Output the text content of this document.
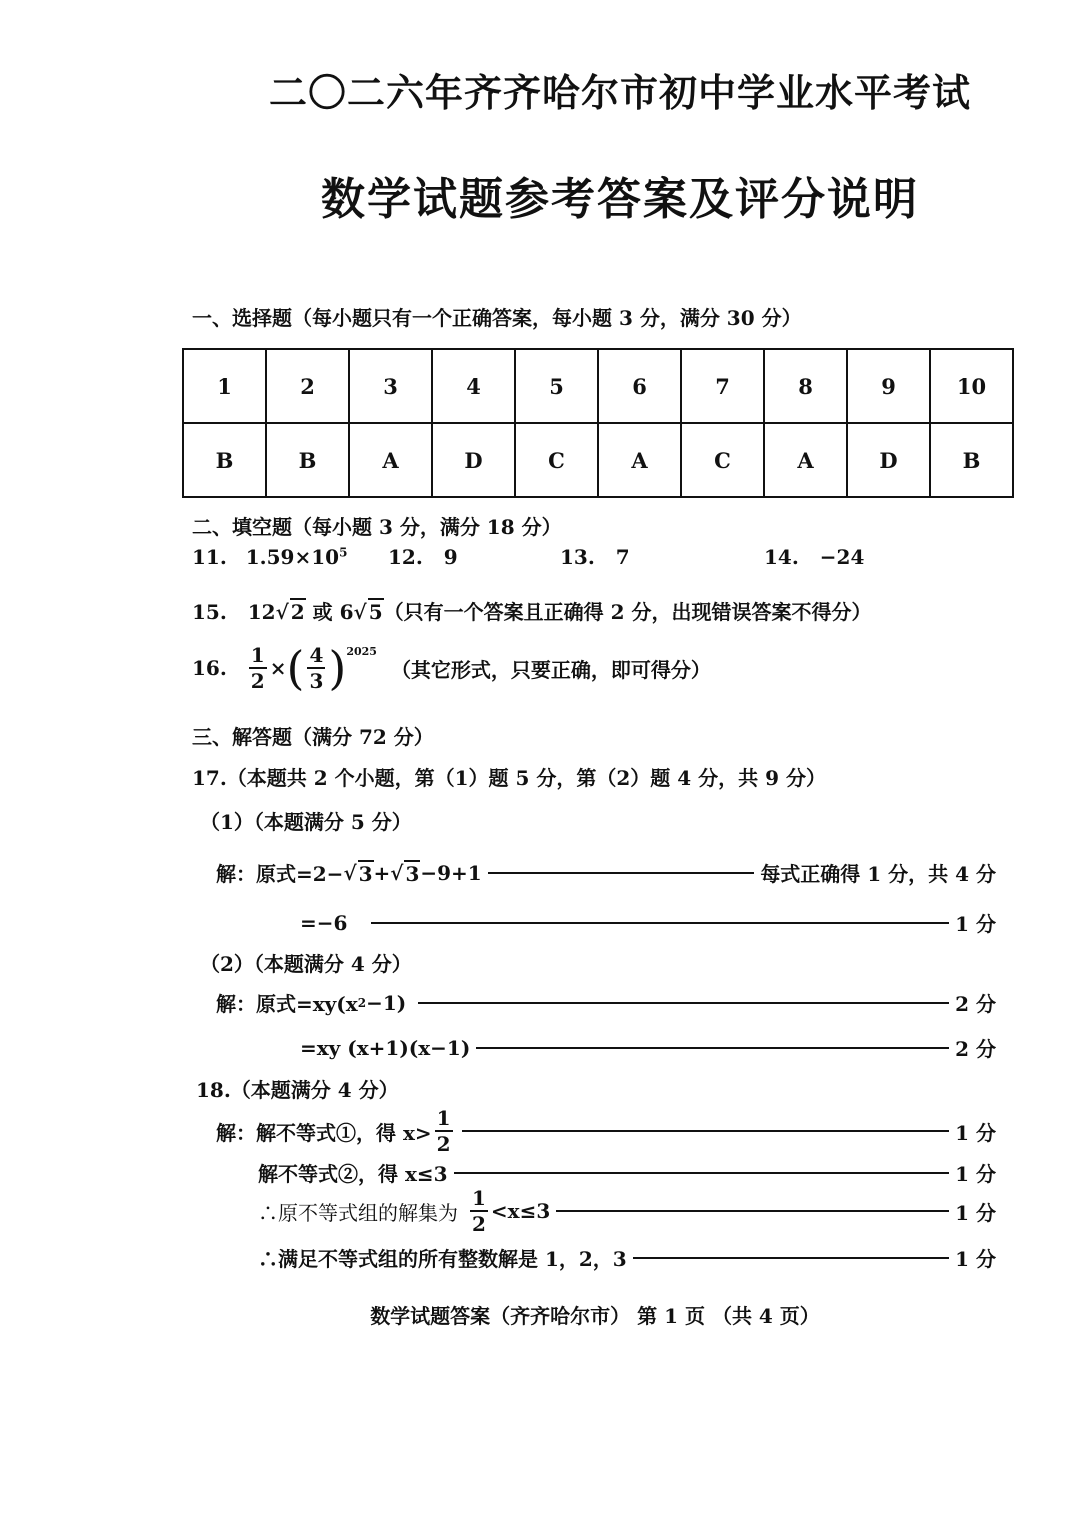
二〇二六年齐齐哈尔市初中学业水平考试
数学试题参考答案及评分说明
一、选择题（每小题只有一个正确答案，每小题 3 分，满分 30 分）
1	2	3	4	5	6	7	8	9	10
B	B	A	D	C	A	C	A	D	B
二、填空题（每小题 3 分，满分 18 分）
11. $1.59\times 10^5$ 12. 9	13. 7	14. −24
15. 12√ 2 或 6√ 5（只有一个答案且正确得 2 分，出现错误答案不得分）
16. $\frac{1}{2}$ × ( $\frac{4}{3}$ ) 2025
（其它形式，只要正确，即可得分）
三、解答题（满分 72 分）
17.（本题共 2 个小题，第（1）题 5 分，第（2）题 4 分，共 9 分）
（1）（本题满分 5 分）
解：原式=2− √ 3 + √ 3 −9+1	每式正确得 1 分，共 4 分
=−6	1 分
（2）（本题满分 4 分）
解：原式=xy(x 2 −1)	2 分
=xy (x+1)(x−1)	2 分
18.（本题满分 4 分）
解：解不等式①，得 $x> \frac{1}{2}$	1 分
解不等式②，得 x≤3	1 分
∴原不等式组的解集为 $\frac{1}{2} <x\le 3$	1 分
∴满足不等式组的所有整数解是 1，2，3	1 分
数学试题答案（齐齐哈尔市） 第 1 页 （共 4 页）
